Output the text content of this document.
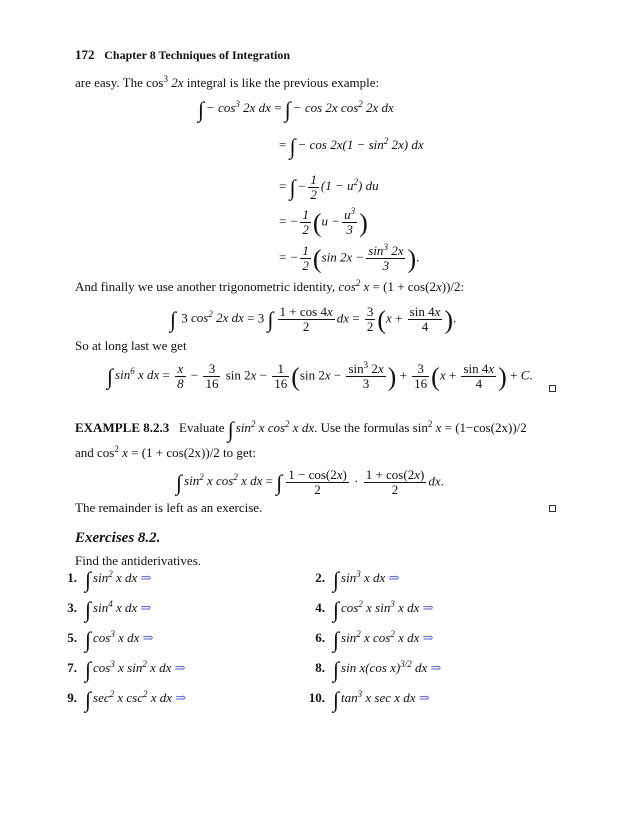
172 Chapter 8 Techniques of Integration
are easy. The $\cos^3 2x$ integral is like the previous example:
∫ − $\cos^3 2x$ dx = ∫ − cos 2x $\cos^2 2x$ dx
= ∫ − $\cos 2x(1 - \sin^2 2x)$ dx
= ∫ − $\frac{1}{2} (1 - u^2)$ du
= − $\frac{1}{2} (u - \frac{u^3}{3}$ )
= − $\frac{1}{2} (\sin$ $2x - \frac{\sin^3 2x}{3}$ ).
And finally we use another trigonometric identity, $\cos^2 x = (1 + \cos(2x))/2$:
∫ 3 $\cos^2 2x$ dx = 3 ∫ $\frac{1 + \cos 4x}{2}$ dx = $\frac{3}{2} (x + \frac{\sin 4x}{4}$ ).
So at long last we get
∫ $\sin^6 x$ dx = $\frac{x}{8} - \frac{3}{16}$ $\sin 2x - \frac{1}{16} (\sin$ $2x - \frac{\sin^3 2x}{3}$ ) + $\frac{3}{16} (x + \frac{\sin 4x}{4}$ ) + C.
EXAMPLE 8.2.3 Evaluate ∫ $\sin^2 x$ $\cos^2 x$ dx. Use the formulas $\sin^2 x = (1-\cos(2x))/2$
and $\cos^2 x = (1 + \cos(2x))/2$ to get:
∫ $\sin^2 x$ $\cos^2 x$ dx = ∫ $\frac{1 - \cos(2x)}{2} \cdot \frac{1 + \cos(2x)}{2}$ dx.
The remainder is left as an exercise.
Exercises 8.2.
Find the antiderivatives.
1. ∫ $\sin^2 x$ dx ⇒
3. ∫ $\sin^4 x$ dx ⇒
5. ∫ $\cos^3 x$ dx ⇒
7. ∫ $\cos^3 x$ $\sin^2 x$ dx ⇒
9. ∫ $\sec^2 x$ $\csc^2 x$ dx ⇒
2. ∫ $\sin^3 x$ dx ⇒
4. ∫ $\cos^2 x$ $\sin^3 x$ dx ⇒
6. ∫ $\sin^2 x$ $\cos^2 x$ dx ⇒
8. ∫ sin x(cos x)$^{3/2}$ dx ⇒
10. ∫ $\tan^3 x$ sec x dx ⇒
